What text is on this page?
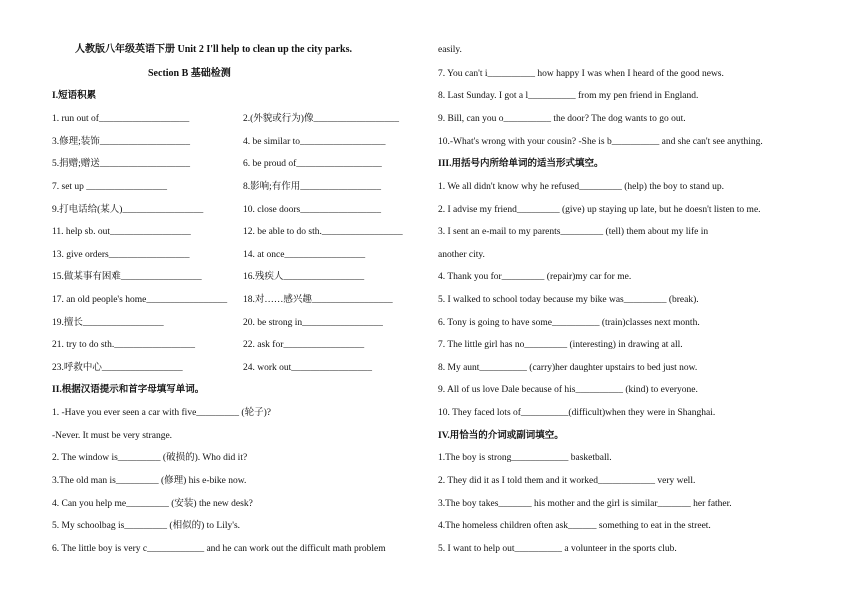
人教版八年级英语下册 Unit 2 I'll help to clean up the city parks.
Section B 基础检测
I.短语积累
1. run out of___________________	2.(外貌或行为)像__________________
3.修理;装饰___________________	4. be similar to__________________
5.捐赠;赠送___________________	6. be proud of__________________
7. set up _________________	8.影响;有作用_________________
9.打电话给(某人)_________________	10. close doors_________________
11. help sb. out_________________	12. be able to do sth._________________
13. give orders_________________	14. at once_________________
15.做某事有困难_________________	16.残疾人_________________
17. an old people's home_________________ 18.对……感兴趣_________________
19.擅长_________________	20. be strong in_________________
21. try to do sth._________________	22. ask for_________________
23.呼救中心_________________	24. work out_________________
II.根据汉语提示和首字母填写单词。
1. -Have you ever seen a car with five_________ (轮子)?
-Never. It must be very strange.
2. The window is_________ (破损的). Who did it?
3.The old man is_________ (修理) his e-bike now.
4. Can you help me_________ (安装) the new desk?
5. My schoolbag is_________ (相似的) to Lily's.
6. The little boy is very c____________ and he can work out the difficult math problem
easily.
7. You can't i__________ how happy I was when I heard of the good news.
8. Last Sunday. I got a l__________ from my pen friend in England.
9. Bill, can you o__________ the door? The dog wants to go out.
10.-What's wrong with your cousin? -She is b__________ and she can't see anything.
III.用括号内所给单词的适当形式填空。
1. We all didn't know why he refused_________ (help) the boy to stand up.
2. I advise my friend_________ (give) up staying up late, but he doesn't listen to me.
3. I sent an e-mail to my parents_________ (tell) them about my life in
another city.
4. Thank you for_________ (repair)my car for me.
5. I walked to school today because my bike was_________ (break).
6. Tony is going to have some__________ (train)classes next month.
7. The little girl has no_________ (interesting) in drawing at all.
8. My aunt__________ (carry)her daughter upstairs to bed just now.
9. All of us love Dale because of his__________ (kind) to everyone.
10. They faced lots of__________(difficult)when they were in Shanghai.
IV.用恰当的介词或副词填空。
1.The boy is strong____________ basketball.
2. They did it as I told them and it worked____________ very well.
3.The boy takes_______ his mother and the girl is similar_______ her father.
4.The homeless children often ask______ something to eat in the street.
5. I want to help out__________ a volunteer in the sports club.
